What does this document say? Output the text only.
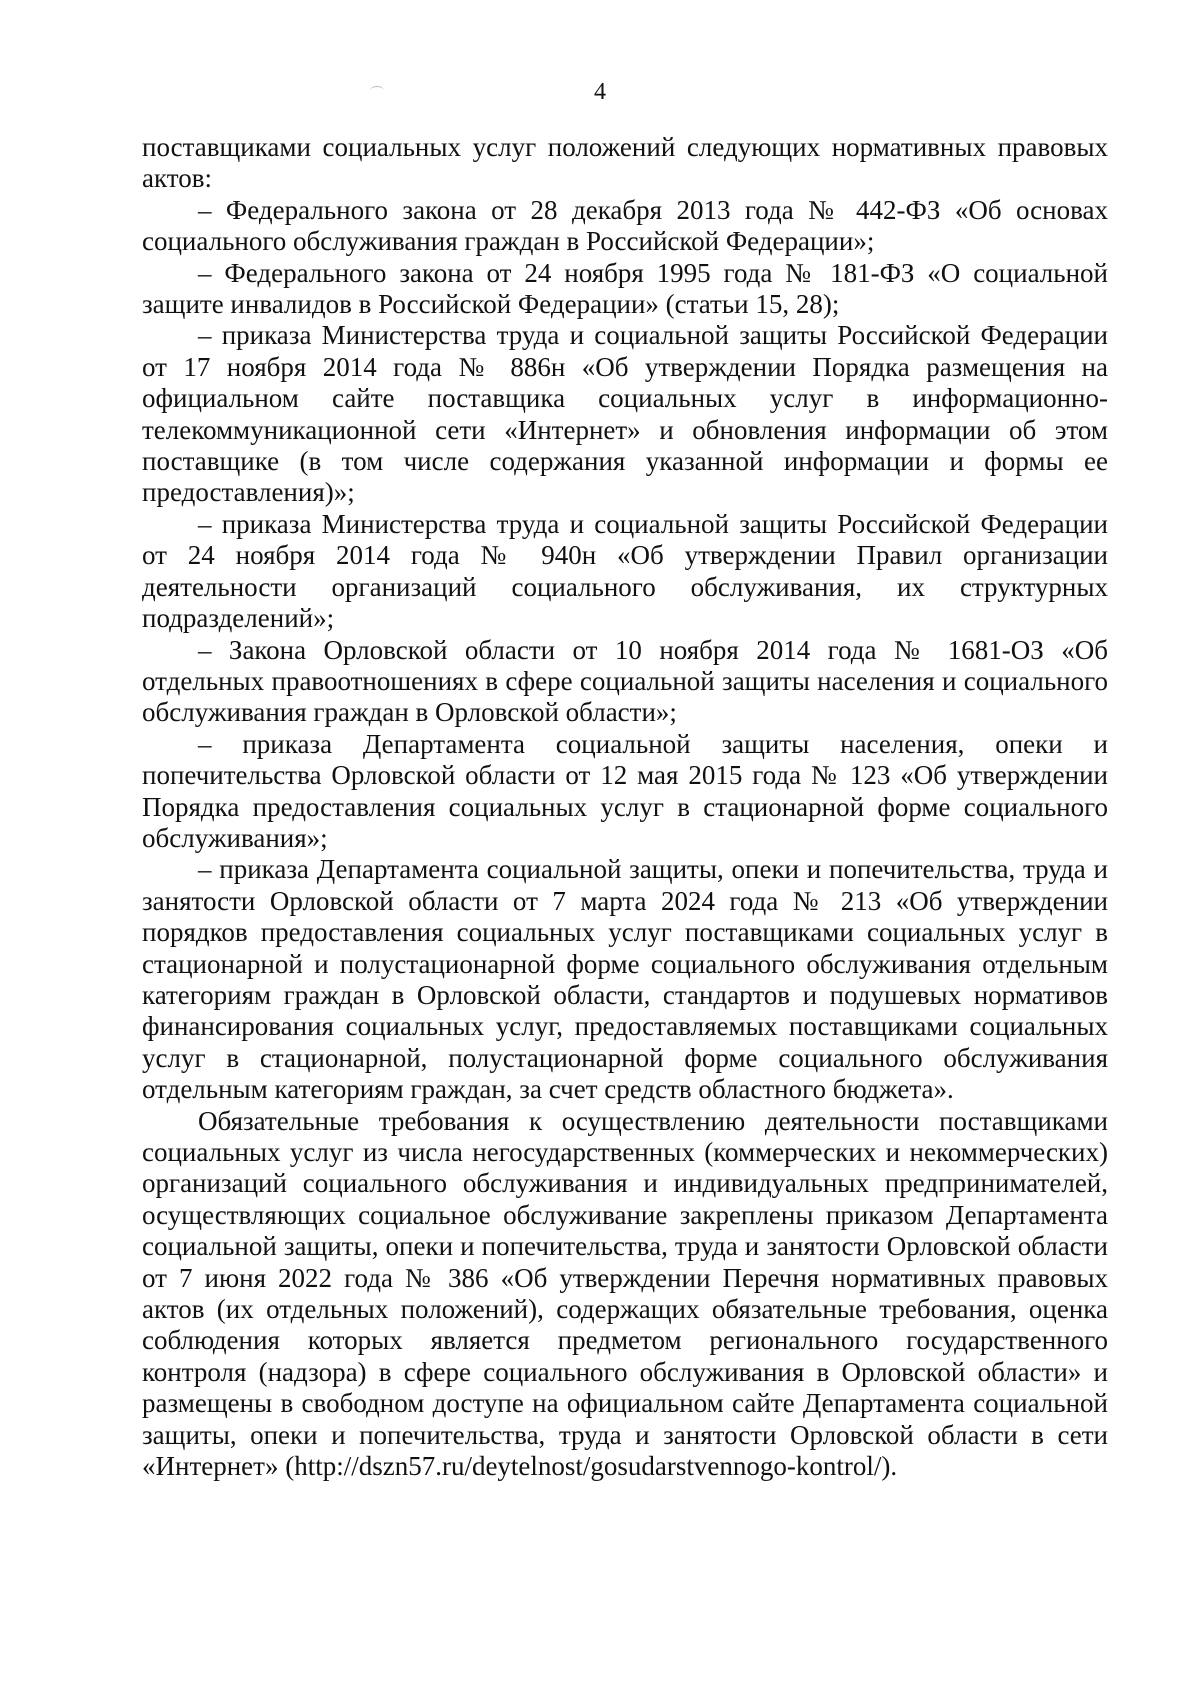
4

поставщиками социальных услуг положений следующих нормативных правовых актов:

– Федерального закона от 28 декабря 2013 года № 442-ФЗ «Об основах социального обслуживания граждан в Российской Федерации»;

– Федерального закона от 24 ноября 1995 года № 181-ФЗ «О социальной защите инвалидов в Российской Федерации» (статьи 15, 28);

– приказа Министерства труда и социальной защиты Российской Федерации от 17 ноября 2014 года № 886н «Об утверждении Порядка размещения на официальном сайте поставщика социальных услуг в информационно-телекоммуникационной сети «Интернет» и обновления информации об этом поставщике (в том числе содержания указанной информации и формы ее предоставления)»;

– приказа Министерства труда и социальной защиты Российской Федерации от 24 ноября 2014 года № 940н «Об утверждении Правил организации деятельности организаций социального обслуживания, их структурных подразделений»;

– Закона Орловской области от 10 ноября 2014 года № 1681-ОЗ «Об отдельных правоотношениях в сфере социальной защиты населения и социального обслуживания граждан в Орловской области»;

– приказа Департамента социальной защиты населения, опеки и попечительства Орловской области от 12 мая 2015 года № 123 «Об утверждении Порядка предоставления социальных услуг в стационарной форме социального обслуживания»;

– приказа Департамента социальной защиты, опеки и попечительства, труда и занятости Орловской области от 7 марта 2024 года № 213 «Об утверждении порядков предоставления социальных услуг поставщиками социальных услуг в стационарной и полустационарной форме социального обслуживания отдельным категориям граждан в Орловской области, стандартов и подушевых нормативов финансирования социальных услуг, предоставляемых поставщиками социальных услуг в стационарной, полустационарной форме социального обслуживания отдельным категориям граждан, за счет средств областного бюджета».

Обязательные требования к осуществлению деятельности поставщиками социальных услуг из числа негосударственных (коммерческих и некоммерческих) организаций социального обслуживания и индивидуальных предпринимателей, осуществляющих социальное обслуживание закреплены приказом Департамента социальной защиты, опеки и попечительства, труда и занятости Орловской области от 7 июня 2022 года № 386 «Об утверждении Перечня нормативных правовых актов (их отдельных положений), содержащих обязательные требования, оценка соблюдения которых является предметом регионального государственного контроля (надзора) в сфере социального обслуживания в Орловской области» и размещены в свободном доступе на официальном сайте Департамента социальной защиты, опеки и попечительства, труда и занятости Орловской области в сети «Интернет» (http://dszn57.ru/deytelnost/gosudarstvennogo-kontrol/).
